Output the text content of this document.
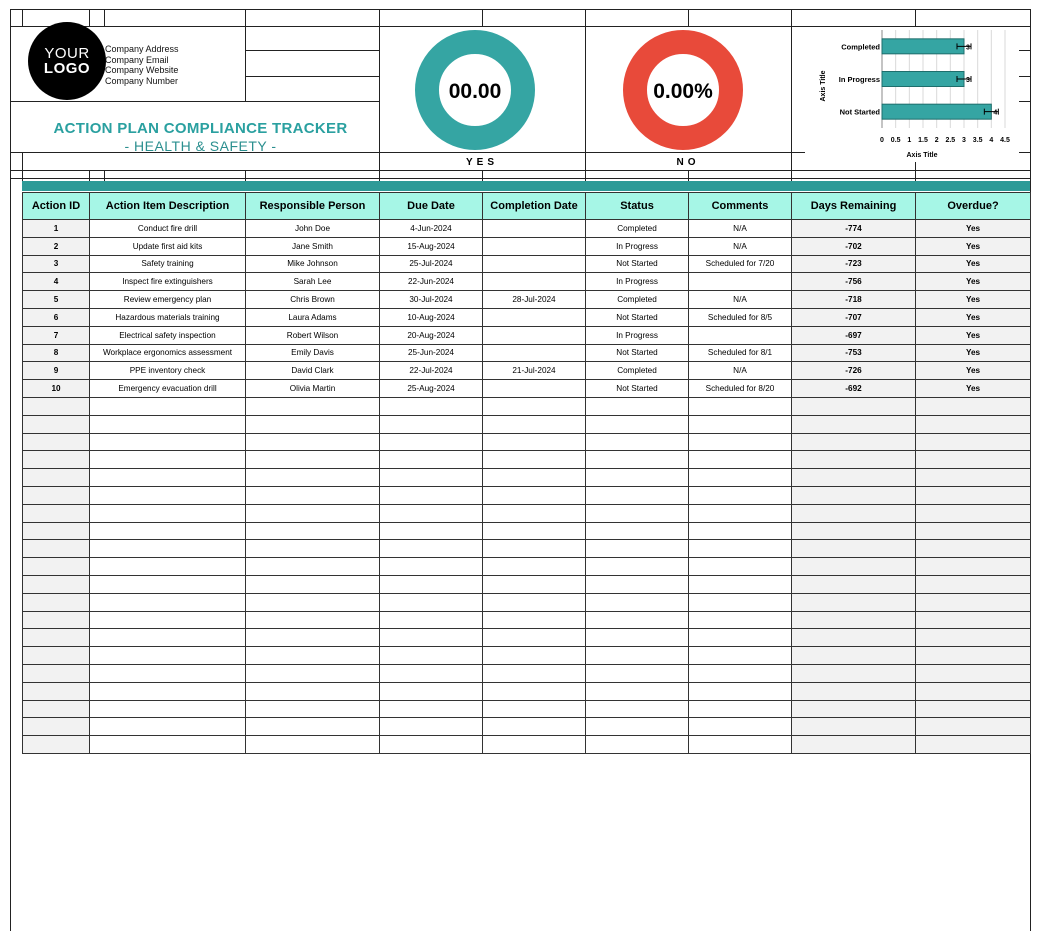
YOUR
LOGO
Company Address
Company Email
Company Website
Company Number
ACTION PLAN COMPLIANCE TRACKER
- HEALTH & SAFETY -
00.00
YES
0.00%
NO
3
3
4
Completed
In Progress
Not Started
0 0.5 1 1.5 2 2.5 3 3.5 4 4.5
Axis Title
Axis Title
Action ID	Action Item Description	Responsible Person	Due Date	Completion Date	Status	Comments	Days Remaining	Overdue?
1	Conduct fire drill	John Doe	4-Jun-2024		Completed	N/A	-774	Yes
2	Update first aid kits	Jane Smith	15-Aug-2024		In Progress	N/A	-702	Yes
3	Safety training	Mike Johnson	25-Jul-2024		Not Started	Scheduled for 7/20	-723	Yes
4	Inspect fire extinguishers	Sarah Lee	22-Jun-2024		In Progress		-756	Yes
5	Review emergency plan	Chris Brown	30-Jul-2024	28-Jul-2024	Completed	N/A	-718	Yes
6	Hazardous materials training	Laura Adams	10-Aug-2024		Not Started	Scheduled for 8/5	-707	Yes
7	Electrical safety inspection	Robert Wilson	20-Aug-2024		In Progress		-697	Yes
8	Workplace ergonomics assessment	Emily Davis	25-Jun-2024		Not Started	Scheduled for 8/1	-753	Yes
9	PPE inventory check	David Clark	22-Jul-2024	21-Jul-2024	Completed	N/A	-726	Yes
10	Emergency evacuation drill	Olivia Martin	25-Aug-2024		Not Started	Scheduled for 8/20	-692	Yes
